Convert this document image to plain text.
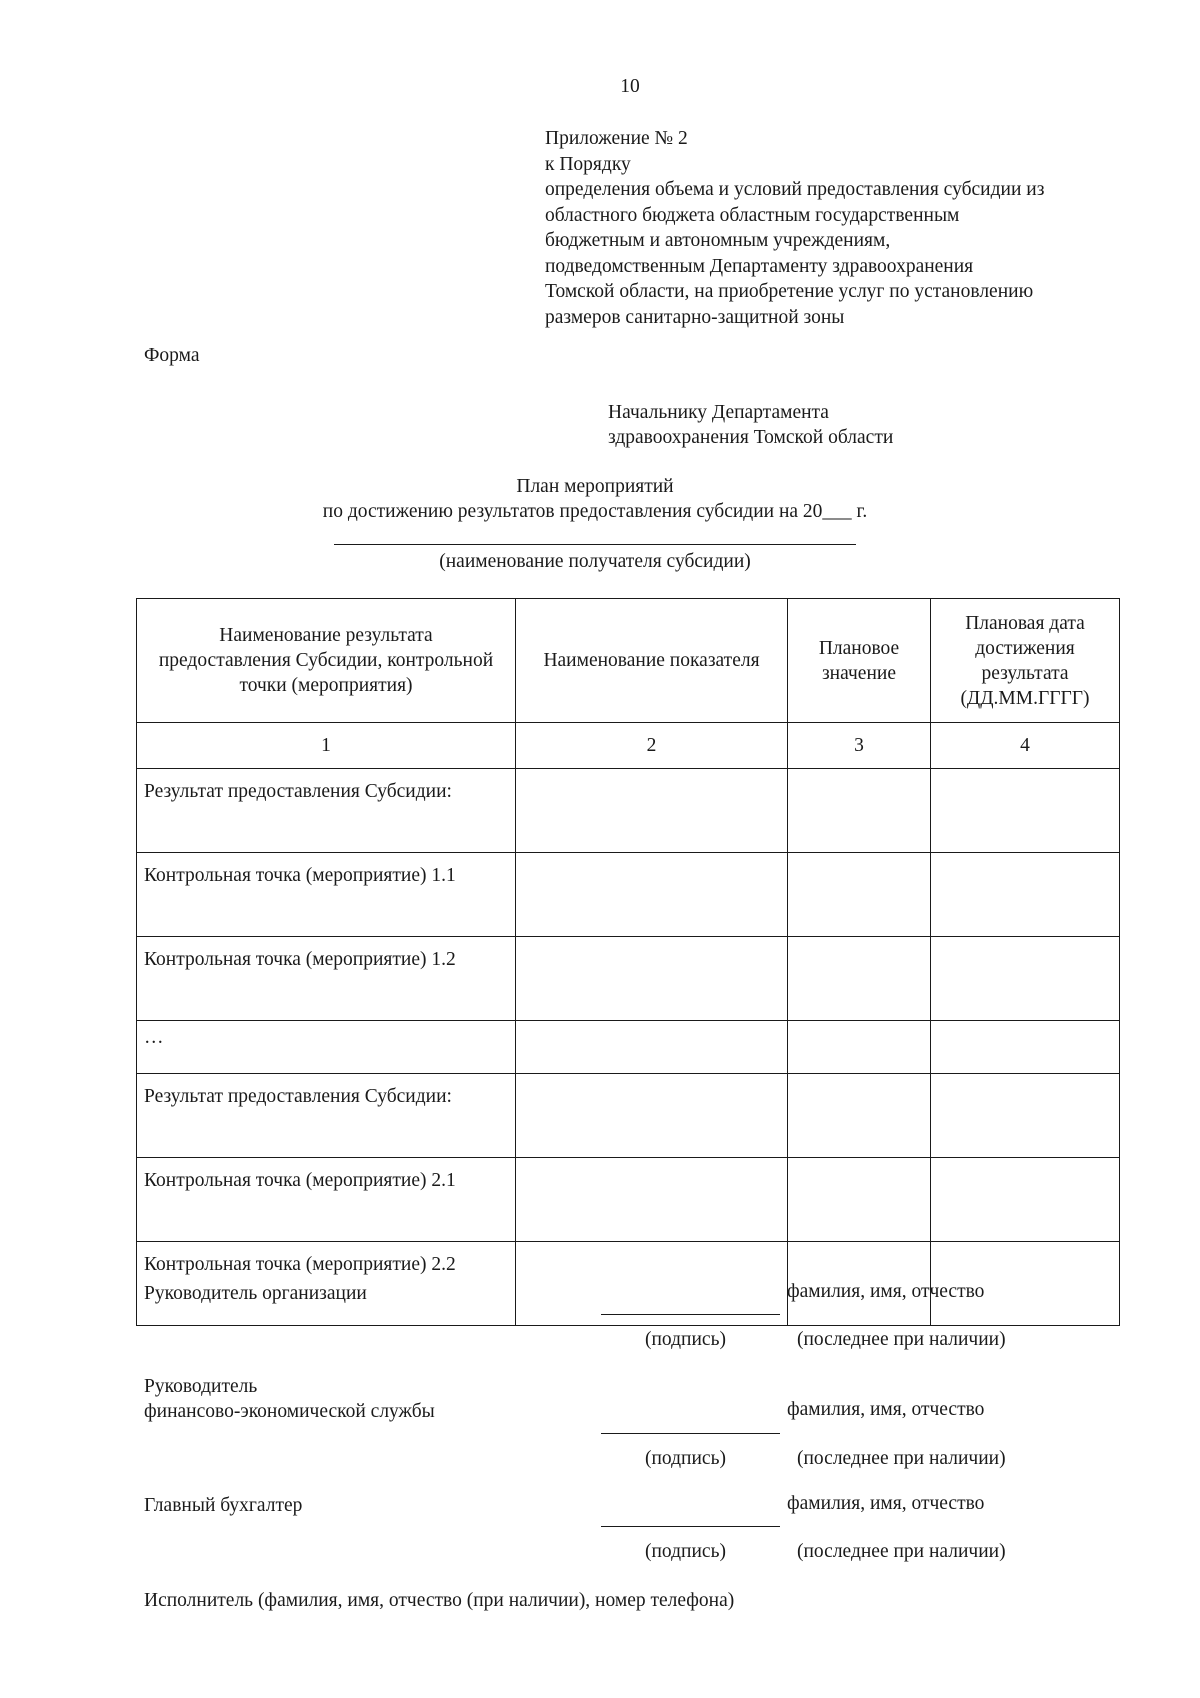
10
Приложение № 2
к Порядку
определения объема и условий предоставления субсидии из
областного бюджета областным государственным
бюджетным и автономным учреждениям,
подведомственным Департаменту здравоохранения
Томской области, на приобретение услуг по установлению
размеров санитарно-защитной зоны
Форма
Начальнику Департамента
здравоохранения Томской области
План мероприятий
по достижению результатов предоставления субсидии на 20___ г.
(наименование получателя субсидии)
Наименование результата предоставления Субсидии, контрольной точки (мероприятия)	Наименование показателя	Плановое значение	Плановая дата достижения результата (ДД.ММ.ГГГГ)
1	2	3	4
Результат предоставления Субсидии:			
Контрольная точка (мероприятие) 1.1			
Контрольная точка (мероприятие) 1.2			
…			
Результат предоставления Субсидии:			
Контрольная точка (мероприятие) 2.1			
Контрольная точка (мероприятие) 2.2			
Руководитель организации	фамилия, имя, отчество
(подпись)	(последнее при наличии)
Руководитель
финансово-экономической службы	фамилия, имя, отчество
(подпись)	(последнее при наличии)
Главный бухгалтер	фамилия, имя, отчество
(подпись)	(последнее при наличии)
Исполнитель (фамилия, имя, отчество (при наличии), номер телефона)
